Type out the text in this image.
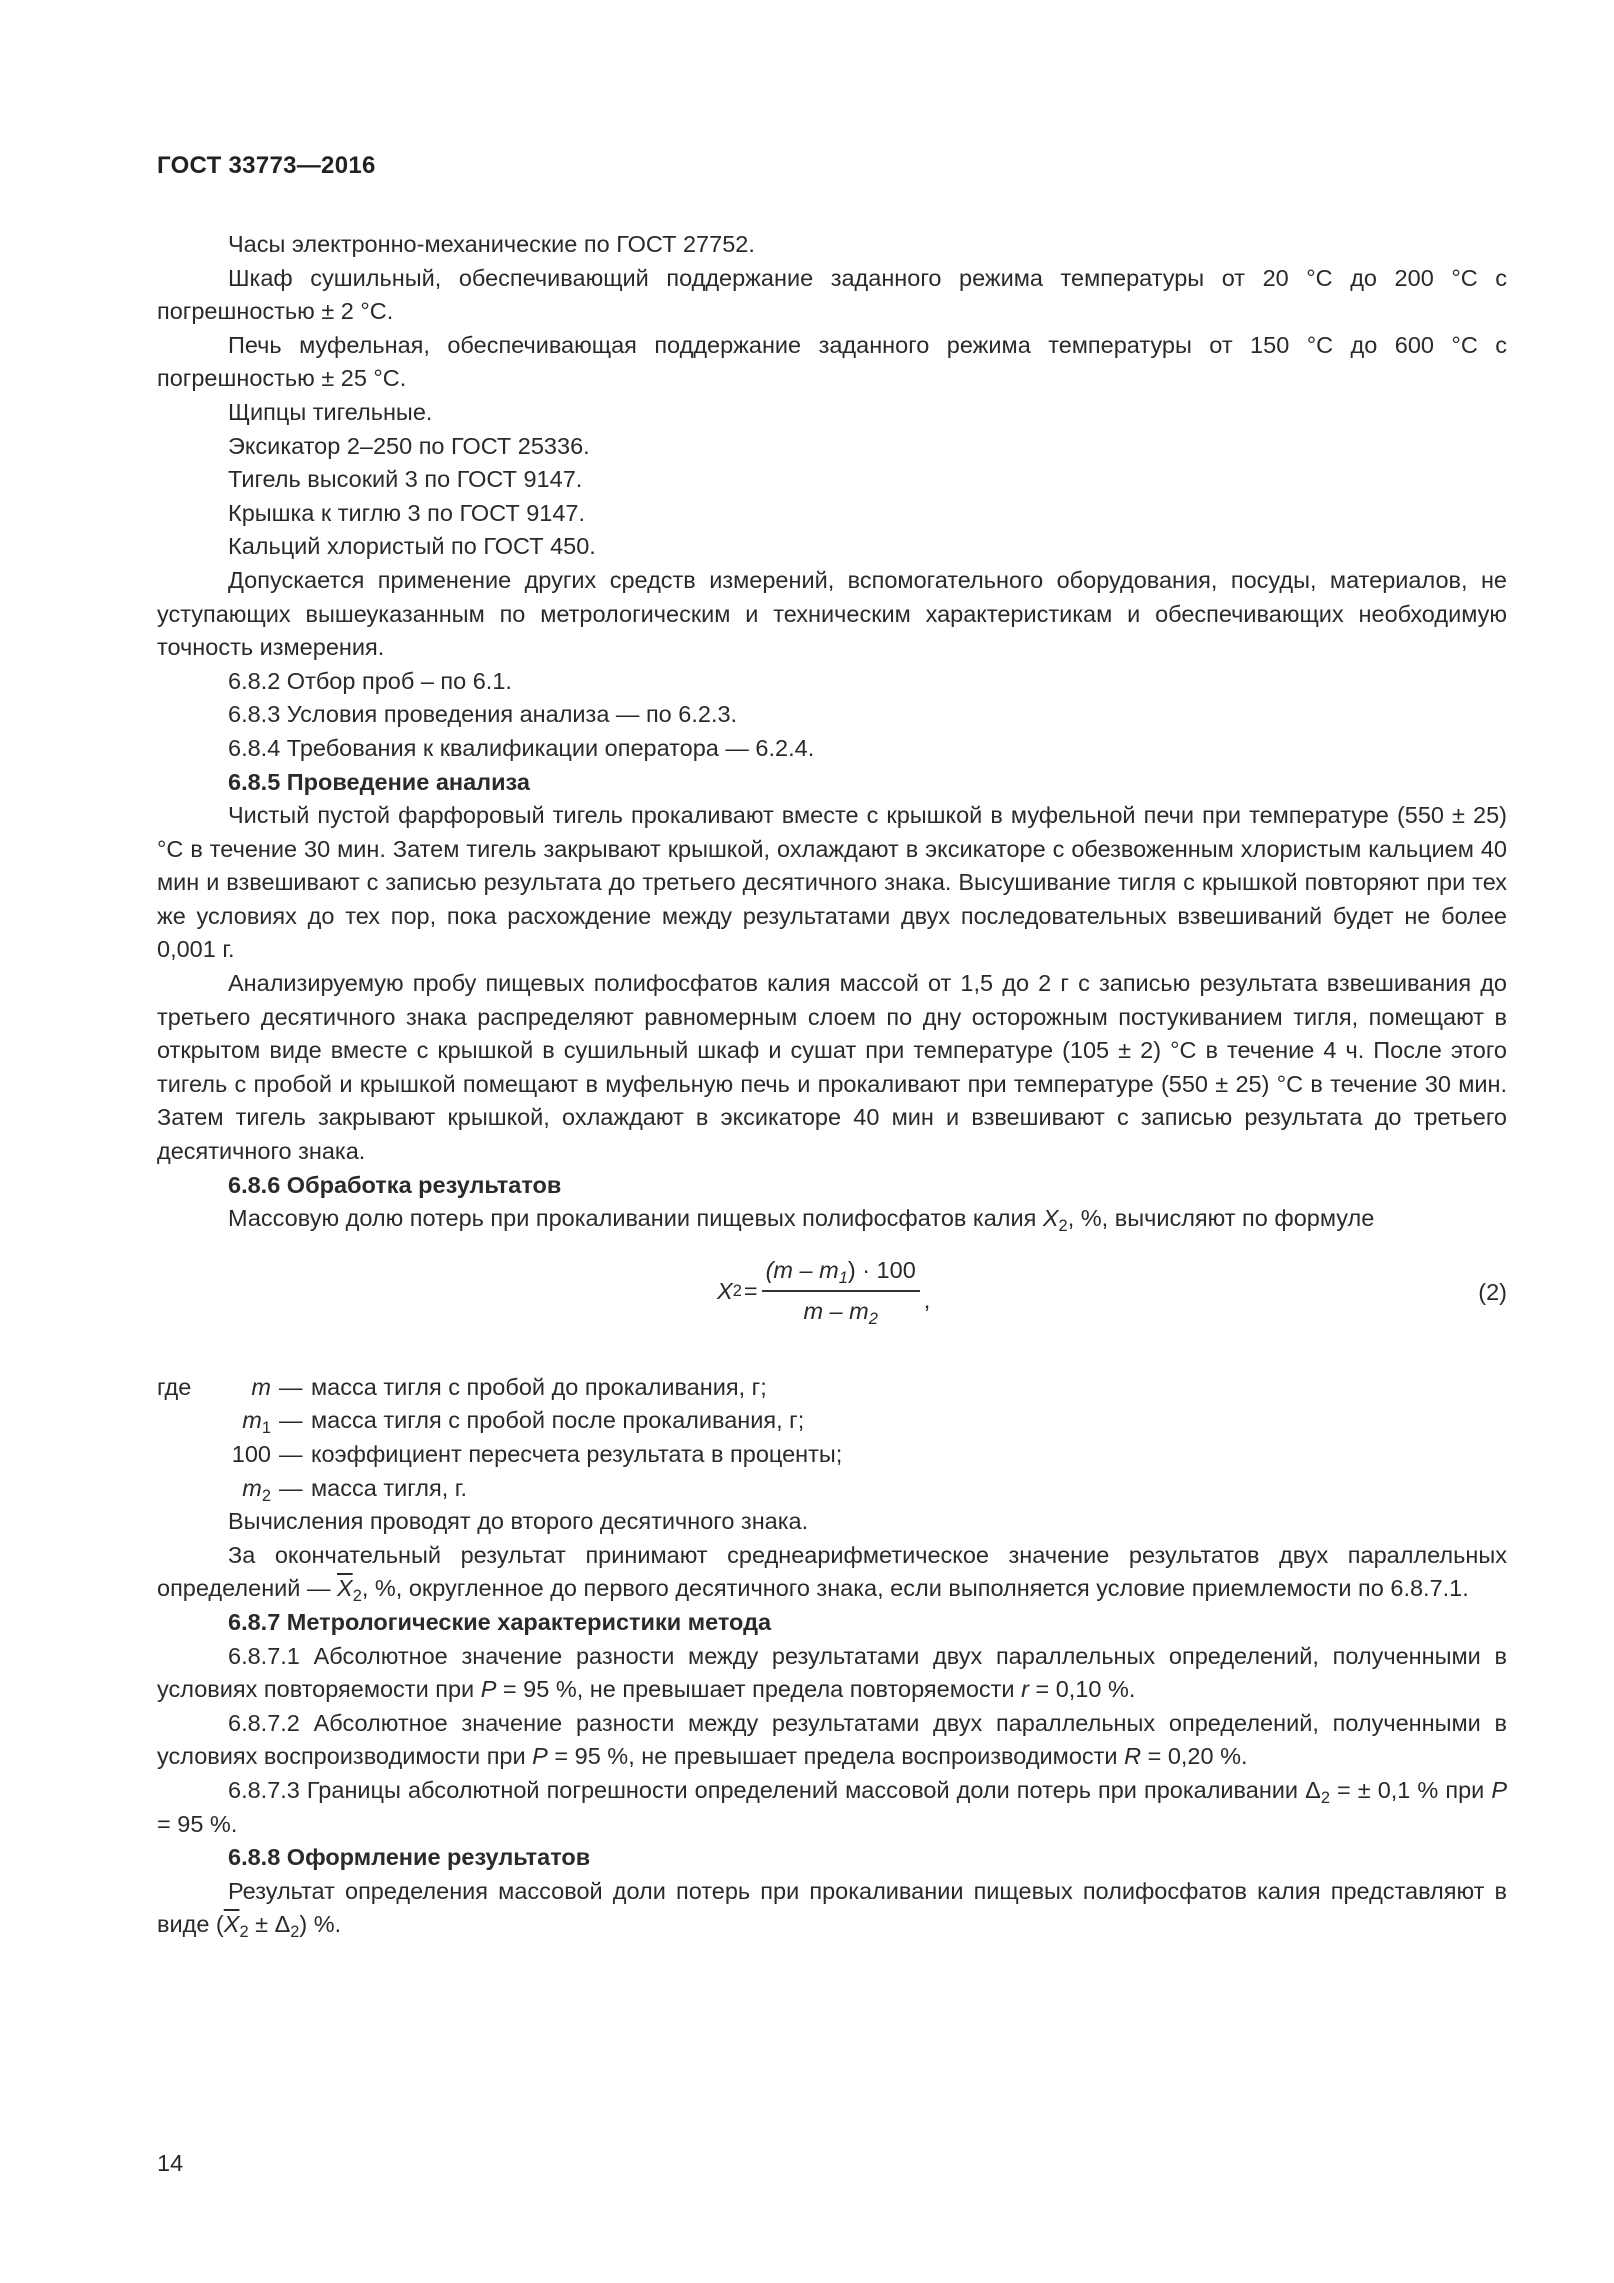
ГОСТ 33773—2016

Часы электронно-механические по ГОСТ 27752.

Шкаф сушильный, обеспечивающий поддержание заданного режима температуры от 20 °С до 200 °С с погрешностью ± 2 °С.

Печь муфельная, обеспечивающая поддержание заданного режима температуры от 150 °С до 600 °С с погрешностью ± 25 °С.

Щипцы тигельные.

Эксикатор 2–250 по ГОСТ 25336.

Тигель высокий 3 по ГОСТ 9147.

Крышка к тиглю 3 по ГОСТ 9147.

Кальций хлористый по ГОСТ 450.

Допускается применение других средств измерений, вспомогательного оборудования, посуды, материалов, не уступающих вышеуказанным по метрологическим и техническим характеристикам и обеспечивающих необходимую точность измерения.

6.8.2 Отбор проб – по 6.1.

6.8.3 Условия проведения анализа — по 6.2.3.

6.8.4 Требования к квалификации оператора — 6.2.4.

6.8.5 Проведение анализа

Чистый пустой фарфоровый тигель прокаливают вместе с крышкой в муфельной печи при температуре (550 ± 25) °С в течение 30 мин. Затем тигель закрывают крышкой, охлаждают в эксикаторе с обезвоженным хлористым кальцием 40 мин и взвешивают с записью результата до третьего десятичного знака. Высушивание тигля с крышкой повторяют при тех же условиях до тех пор, пока расхождение между результатами двух последовательных взвешиваний будет не более 0,001 г.

Анализируемую пробу пищевых полифосфатов калия массой от 1,5 до 2 г с записью результата взвешивания до третьего десятичного знака распределяют равномерным слоем по дну осторожным постукиванием тигля, помещают в открытом виде вместе с крышкой в сушильный шкаф и сушат при температуре (105 ± 2) °С в течение 4 ч. После этого тигель с пробой и крышкой помещают в муфельную печь и прокаливают при температуре (550 ± 25) °С в течение 30 мин. Затем тигель закрывают крышкой, охлаждают в эксикаторе 40 мин и взвешивают с записью результата до третьего десятичного знака.

6.8.6 Обработка результатов

Массовую долю потерь при прокаливании пищевых полифосфатов калия $X_2$, %, вычисляют по формуле

X $2 = \frac{(m - m_1) \cdot 100}{m - m_2}$ ,	(2)
где	m — масса тигля с пробой до прокаливания, г;
$m_1$ — масса тигля с пробой после прокаливания, г;
100 — коэффициент пересчета результата в проценты;
$m_2$ — масса тигля, г.

Вычисления проводят до второго десятичного знака.

За окончательный результат принимают среднеарифметическое значение результатов двух параллельных определений — $\overline{X}_2$, %, округленное до первого десятичного знака, если выполняется условие приемлемости по 6.8.7.1.

6.8.7 Метрологические характеристики метода

6.8.7.1 Абсолютное значение разности между результатами двух параллельных определений, полученными в условиях повторяемости при P = 95 %, не превышает предела повторяемости r = 0,10 %.

6.8.7.2 Абсолютное значение разности между результатами двух параллельных определений, полученными в условиях воспроизводимости при P = 95 %, не превышает предела воспроизводимости R = 0,20 %.

6.8.7.3 Границы абсолютной погрешности определений массовой доли потерь при прокаливании $\Delta_2$ = ± 0,1 % при P = 95 %.

6.8.8 Оформление результатов

Результат определения массовой доли потерь при прокаливании пищевых полифосфатов калия представляют в виде $(\overline{X}_2 \pm \Delta_2)$ %.

14
